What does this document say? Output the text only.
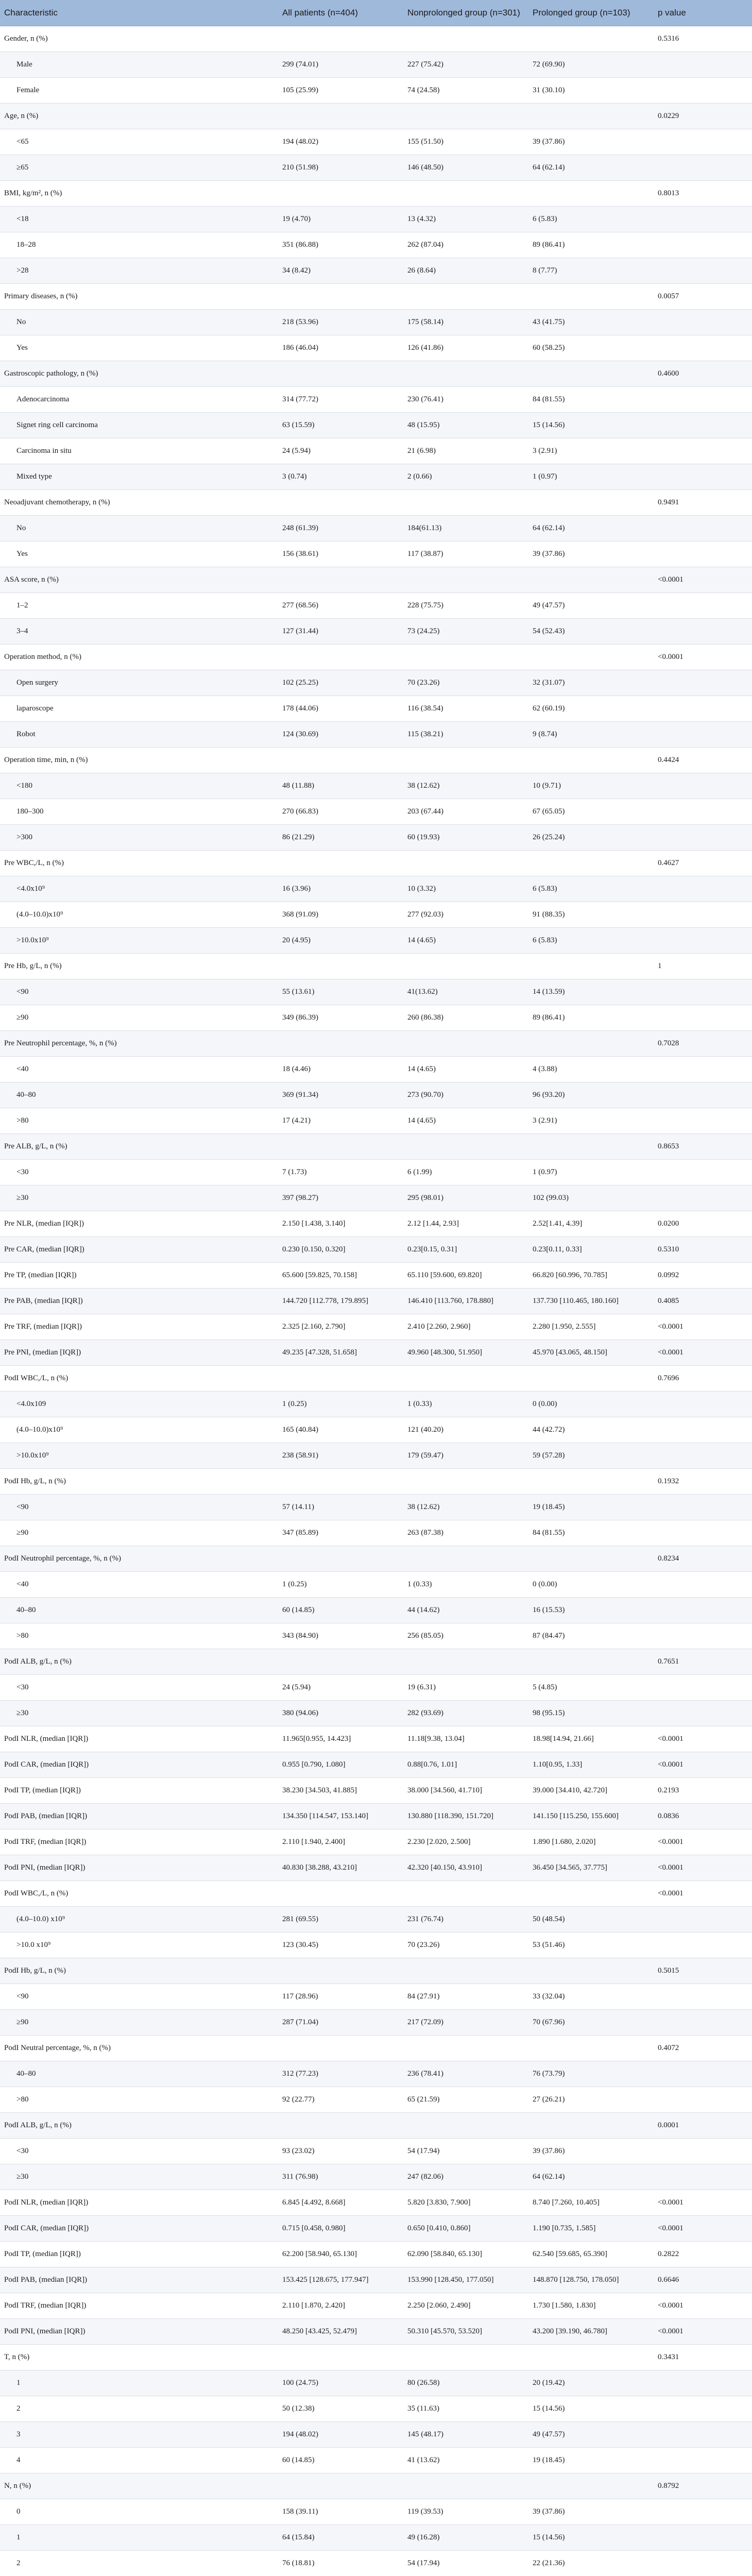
Characteristic	All patients (n=404)	Nonprolonged group (n=301)	Prolonged group (n=103)	p value
Gender, n (%)				0.5316
Male	299 (74.01)	227 (75.42)	72 (69.90)	
Female	105 (25.99)	74 (24.58)	31 (30.10)	
Age, n (%)				0.0229
<65	194 (48.02)	155 (51.50)	39 (37.86)	
≥65	210 (51.98)	146 (48.50)	64 (62.14)	
BMI, kg/m², n (%)				0.8013
<18	19 (4.70)	13 (4.32)	6 (5.83)	
18–28	351 (86.88)	262 (87.04)	89 (86.41)	
>28	34 (8.42)	26 (8.64)	8 (7.77)	
Primary diseases, n (%)				0.0057
No	218 (53.96)	175 (58.14)	43 (41.75)	
Yes	186 (46.04)	126 (41.86)	60 (58.25)	
Gastroscopic pathology, n (%)				0.4600
Adenocarcinoma	314 (77.72)	230 (76.41)	84 (81.55)	
Signet ring cell carcinoma	63 (15.59)	48 (15.95)	15 (14.56)	
Carcinoma in situ	24 (5.94)	21 (6.98)	3 (2.91)	
Mixed type	3 (0.74)	2 (0.66)	1 (0.97)	
Neoadjuvant chemotherapy, n (%)				0.9491
No	248 (61.39)	184(61.13)	64 (62.14)	
Yes	156 (38.61)	117 (38.87)	39 (37.86)	
ASA score, n (%)				<0.0001
1–2	277 (68.56)	228 (75.75)	49 (47.57)	
3–4	127 (31.44)	73 (24.25)	54 (52.43)	
Operation method, n (%)				<0.0001
Open surgery	102 (25.25)	70 (23.26)	32 (31.07)	
laparoscope	178 (44.06)	116 (38.54)	62 (60.19)	
Robot	124 (30.69)	115 (38.21)	9 (8.74)	
Operation time, min, n (%)				0.4424
<180	48 (11.88)	38 (12.62)	10 (9.71)	
180–300	270 (66.83)	203 (67.44)	67 (65.05)	
>300	86 (21.29)	60 (19.93)	26 (25.24)	
Pre WBC,/L, n (%)				0.4627
<4.0x10⁹	16 (3.96)	10 (3.32)	6 (5.83)	
(4.0–10.0)x10⁹	368 (91.09)	277 (92.03)	91 (88.35)	
>10.0x10⁹	20 (4.95)	14 (4.65)	6 (5.83)	
Pre Hb, g/L, n (%)				1
<90	55 (13.61)	41(13.62)	14 (13.59)	
≥90	349 (86.39)	260 (86.38)	89 (86.41)	
Pre Neutrophil percentage, %, n (%)				0.7028
<40	18 (4.46)	14 (4.65)	4 (3.88)	
40–80	369 (91.34)	273 (90.70)	96 (93.20)	
>80	17 (4.21)	14 (4.65)	3 (2.91)	
Pre ALB, g/L, n (%)				0.8653
<30	7 (1.73)	6 (1.99)	1 (0.97)	
≥30	397 (98.27)	295 (98.01)	102 (99.03)	
Pre NLR, (median [IQR])	2.150 [1.438, 3.140]	2.12 [1.44, 2.93]	2.52[1.41, 4.39]	0.0200
Pre CAR, (median [IQR])	0.230 [0.150, 0.320]	0.23[0.15, 0.31]	0.23[0.11, 0.33]	0.5310
Pre TP, (median [IQR])	65.600 [59.825, 70.158]	65.110 [59.600, 69.820]	66.820 [60.996, 70.785]	0.0992
Pre PAB, (median [IQR])	144.720 [112.778, 179.895]	146.410 [113.760, 178.880]	137.730 [110.465, 180.160]	0.4085
Pre TRF, (median [IQR])	2.325 [2.160, 2.790]	2.410 [2.260, 2.960]	2.280 [1.950, 2.555]	<0.0001
Pre PNI, (median [IQR])	49.235 [47.328, 51.658]	49.960 [48.300, 51.950]	45.970 [43.065, 48.150]	<0.0001
PodI WBC,/L, n (%)				0.7696
<4.0x109	1 (0.25)	1 (0.33)	0 (0.00)	
(4.0–10.0)x10⁹	165 (40.84)	121 (40.20)	44 (42.72)	
>10.0x10⁹	238 (58.91)	179 (59.47)	59 (57.28)	
PodI Hb, g/L, n (%)				0.1932
<90	57 (14.11)	38 (12.62)	19 (18.45)	
≥90	347 (85.89)	263 (87.38)	84 (81.55)	
PodI Neutrophil percentage, %, n (%)				0.8234
<40	1 (0.25)	1 (0.33)	0 (0.00)	
40–80	60 (14.85)	44 (14.62)	16 (15.53)	
>80	343 (84.90)	256 (85.05)	87 (84.47)	
PodI ALB, g/L, n (%)				0.7651
<30	24 (5.94)	19 (6.31)	5 (4.85)	
≥30	380 (94.06)	282 (93.69)	98 (95.15)	
PodI NLR, (median [IQR])	11.965[0.955, 14.423]	11.18[9.38, 13.04]	18.98[14.94, 21.66]	<0.0001
PodI CAR, (median [IQR])	0.955 [0.790, 1.080]	0.88[0.76, 1.01]	1.10[0.95, 1.33]	<0.0001
PodI TP, (median [IQR])	38.230 [34.503, 41.885]	38.000 [34.560, 41.710]	39.000 [34.410, 42.720]	0.2193
PodI PAB, (median [IQR])	134.350 [114.547, 153.140]	130.880 [118.390, 151.720]	141.150 [115.250, 155.600]	0.0836
PodI TRF, (median [IQR])	2.110 [1.940, 2.400]	2.230 [2.020, 2.500]	1.890 [1.680, 2.020]	<0.0001
PodI PNI, (median [IQR])	40.830 [38.288, 43.210]	42.320 [40.150, 43.910]	36.450 [34.565, 37.775]	<0.0001
PodI WBC,/L, n (%)				<0.0001
(4.0–10.0) x10⁹	281 (69.55)	231 (76.74)	50 (48.54)	
>10.0 x10⁹	123 (30.45)	70 (23.26)	53 (51.46)	
PodI Hb, g/L, n (%)				0.5015
<90	117 (28.96)	84 (27.91)	33 (32.04)	
≥90	287 (71.04)	217 (72.09)	70 (67.96)	
PodI Neutral percentage, %, n (%)				0.4072
40–80	312 (77.23)	236 (78.41)	76 (73.79)	
>80	92 (22.77)	65 (21.59)	27 (26.21)	
PodI ALB, g/L, n (%)				0.0001
<30	93 (23.02)	54 (17.94)	39 (37.86)	
≥30	311 (76.98)	247 (82.06)	64 (62.14)	
PodI NLR, (median [IQR])	6.845 [4.492, 8.668]	5.820 [3.830, 7.900]	8.740 [7.260, 10.405]	<0.0001
PodI CAR, (median [IQR])	0.715 [0.458, 0.980]	0.650 [0.410, 0.860]	1.190 [0.735, 1.585]	<0.0001
PodI TP, (median [IQR])	62.200 [58.940, 65.130]	62.090 [58.840, 65.130]	62.540 [59.685, 65.390]	0.2822
PodI PAB, (median [IQR])	153.425 [128.675, 177.947]	153.990 [128.450, 177.050]	148.870 [128.750, 178.050]	0.6646
PodI TRF, (median [IQR])	2.110 [1.870, 2.420]	2.250 [2.060, 2.490]	1.730 [1.580, 1.830]	<0.0001
PodI PNI, (median [IQR])	48.250 [43.425, 52.479]	50.310 [45.570, 53.520]	43.200 [39.190, 46.780]	<0.0001
T, n (%)				0.3431
1	100 (24.75)	80 (26.58)	20 (19.42)	
2	50 (12.38)	35 (11.63)	15 (14.56)	
3	194 (48.02)	145 (48.17)	49 (47.57)	
4	60 (14.85)	41 (13.62)	19 (18.45)	
N, n (%)				0.8792
0	158 (39.11)	119 (39.53)	39 (37.86)	
1	64 (15.84)	49 (16.28)	15 (14.56)	
2	76 (18.81)	54 (17.94)	22 (21.36)	
